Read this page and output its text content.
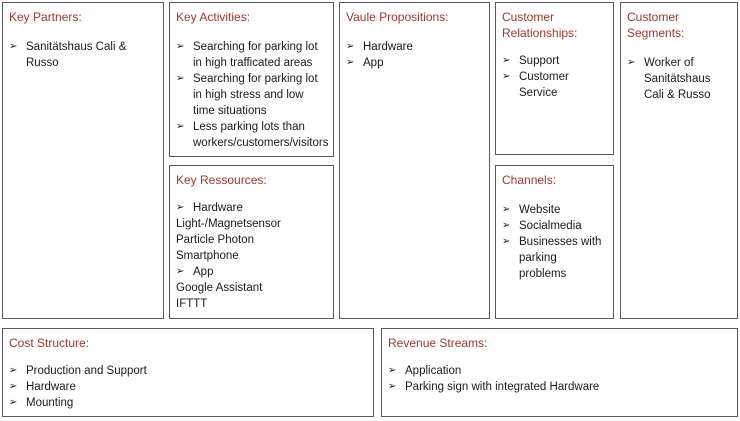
Key Partners:
➢ Sanitätshaus Cali & Russo
Key Activities:
➢ Searching for parking lot in high trafficated areas
➢ Searching for parking lot in high stress and low time situations
➢ Less parking lots than workers/customers/visitors
Key Ressources:
➢ Hardware
Light-/Magnetsensor
Particle Photon
Smartphone
➢ App
Google Assistant
IFTTT
Vaule Propositions:
➢ Hardware
➢ App
Customer Relationships:
➢ Support
➢ Customer Service
Channels:
➢ Website
➢ Socialmedia
➢ Businesses with parking problems
Customer Segments:
➢ Worker of Sanitätshaus Cali & Russo
Cost Structure:
➢ Production and Support
➢ Hardware
➢ Mounting
Revenue Streams:
➢ Application
➢ Parking sign with integrated Hardware
